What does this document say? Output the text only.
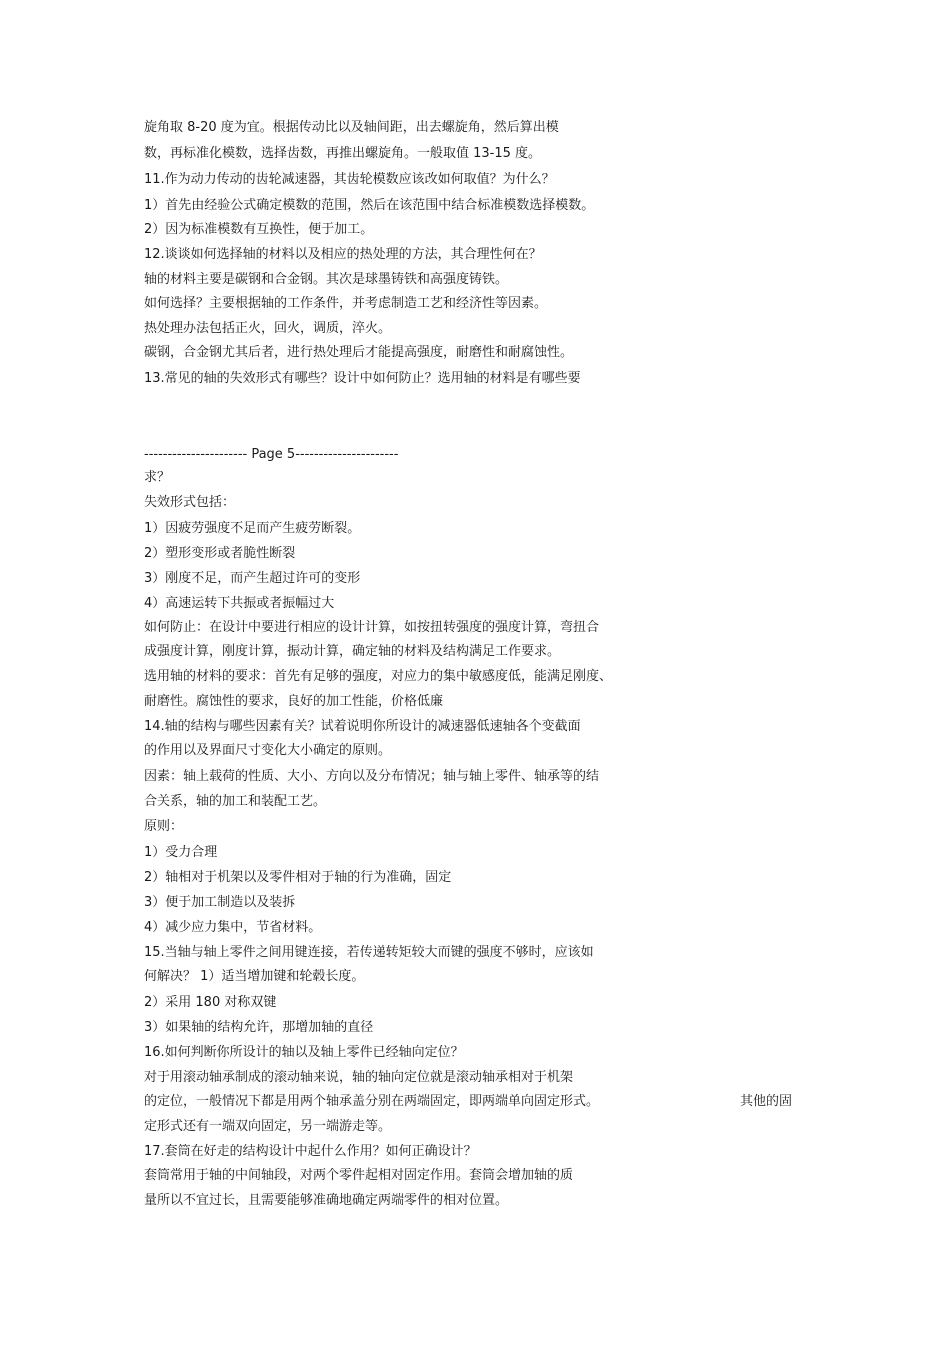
旋角取 8-20 度为宜。根据传动比以及轴间距，出去螺旋角，然后算出模
数，再标准化模数，选择齿数，再推出螺旋角。一般取值 13-15 度。
11.作为动力传动的齿轮减速器，其齿轮模数应该改如何取值？为什么？
1）首先由经验公式确定模数的范围，然后在该范围中结合标准模数选择模数。
2）因为标准模数有互换性，便于加工。
12.谈谈如何选择轴的材料以及相应的热处理的方法，其合理性何在？
轴的材料主要是碳钢和合金钢。其次是球墨铸铁和高强度铸铁。
如何选择？主要根据轴的工作条件，并考虑制造工艺和经济性等因素。
热处理办法包括正火，回火，调质，淬火。
碳钢，合金钢尤其后者，进行热处理后才能提高强度，耐磨性和耐腐蚀性。
13.常见的轴的失效形式有哪些？设计中如何防止？选用轴的材料是有哪些要
---------------------- Page 5----------------------
求？
失效形式包括：
1）因疲劳强度不足而产生疲劳断裂。
2）塑形变形或者脆性断裂
3）刚度不足，而产生超过许可的变形
4）高速运转下共振或者振幅过大
如何防止：在设计中要进行相应的设计计算，如按扭转强度的强度计算，弯扭合
成强度计算，刚度计算，振动计算，确定轴的材料及结构满足工作要求。
选用轴的材料的要求：首先有足够的强度，对应力的集中敏感度低，能满足刚度、
耐磨性。腐蚀性的要求，良好的加工性能，价格低廉
14.轴的结构与哪些因素有关？试着说明你所设计的减速器低速轴各个变截面
的作用以及界面尺寸变化大小确定的原则。
因素：轴上载荷的性质、大小、方向以及分布情况；轴与轴上零件、轴承等的结
合关系，轴的加工和装配工艺。
原则：
1）受力合理
2）轴相对于机架以及零件相对于轴的行为准确，固定
3）便于加工制造以及装拆
4）减少应力集中，节省材料。
15.当轴与轴上零件之间用键连接，若传递转矩较大而键的强度不够时，应该如
何解决？ 1）适当增加键和轮毂长度。
2）采用 180 对称双键
3）如果轴的结构允许，那增加轴的直径
16.如何判断你所设计的轴以及轴上零件已经轴向定位？
对于用滚动轴承制成的滚动轴来说，轴的轴向定位就是滚动轴承相对于机架
的定位，一般情况下都是用两个轴承盖分别在两端固定，即两端单向固定形式。	其他的固
定形式还有一端双向固定，另一端游走等。
17.套筒在好走的结构设计中起什么作用？如何正确设计？
套筒常用于轴的中间轴段，对两个零件起相对固定作用。套筒会增加轴的质
量所以不宜过长，且需要能够准确地确定两端零件的相对位置。
